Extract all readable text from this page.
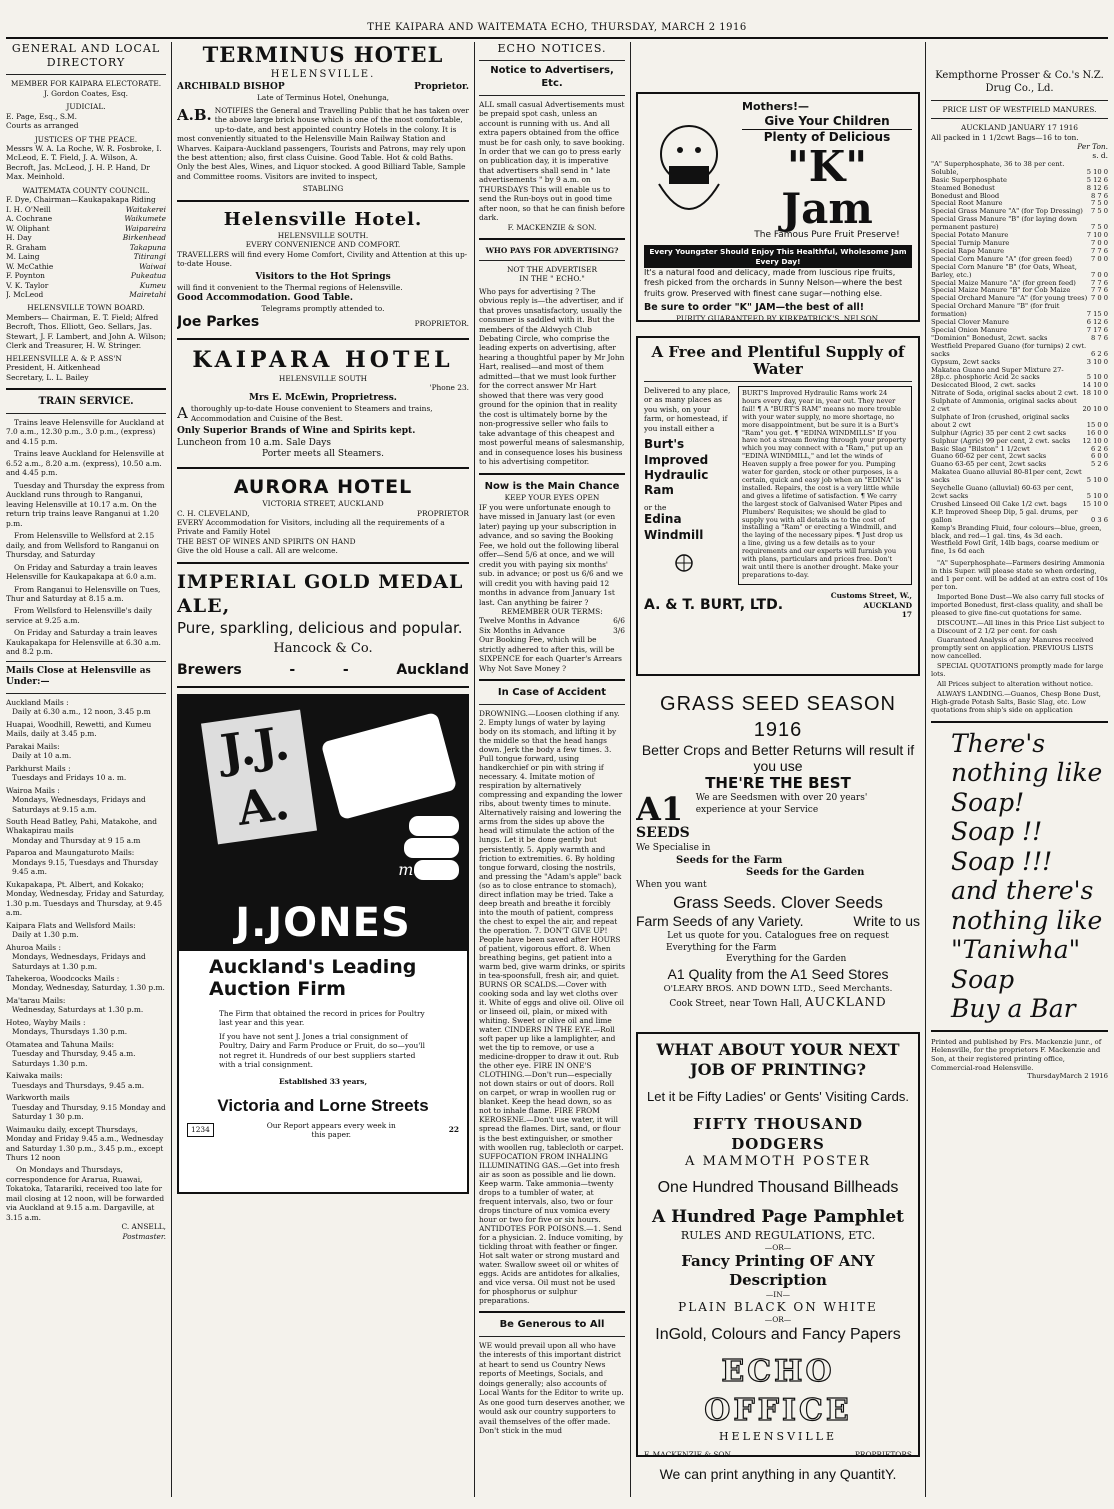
THE KAIPARA AND WAITEMATA ECHO, THURSDAY, MARCH 2 1916
GENERAL AND LOCAL DIRECTORY
MEMBER FOR KAIPARA ELECTORATE.
J. Gordon Coates, Esq.
JUDICIAL.
E. Page, Esq., S.M.
Courts as arranged
JUSTICES OF THE PEACE.
Messrs W. A. La Roche, W. R. Fosbroke, I. McLeod, E. T. Field, J. A. Wilson, A. Becroft, Jas. McLeod, J. H. P. Hand, Dr Max. Meinhold.
WAITEMATA COUNTY COUNCIL.
F. Dye, Chairman—Kaukapakapa Riding
I. H. O'Neill	Waitakerei
A. Cochrane	Waikumete
W. Oliphant	Waipareira
H. Day	Birkenhead
R. Graham	Takapuna
M. Laing	Titirangi
W. McCathie	Waiwai
F. Poynton	Pukeatua
V. K. Taylor	Kumeu
J. McLeod	Mairetahi
HELENSVILLE TOWN BOARD.
Members— Chairman, E. T. Field; Alfred Becroft, Thos. Elliott, Geo. Sellars, Jas. Stewart, J. F. Lambert, and John A. Wilson; Clerk and Treasurer, H. W. Stringer.
HELEENSVILLE A. & P. ASS'N
President, H. Aitkenhead
Secretary, L. L. Bailey
TRAIN SERVICE.

Trains leave Helensville for Auckland at 7.0 a.m., 12.30 p.m., 3.0 p.m., (express) and 4.15 p.m.

Trains leave Auckland for Helensville at 6.52 a.m., 8.20 a.m. (express), 10.50 a.m. and 4.45 p.m.

Tuesday and Thursday the express from Auckland runs through to Ranganui, leaving Helensville at 10.17 a.m. On the return trip trains leave Ranganui at 1.20 p.m.

From Helensville to Wellsford at 2.15 daily, and from Wellsford to Ranganui on Thursday, and Saturday

On Friday and Saturday a train leaves Helensville for Kaukapakapa at 6.0 a.m.

From Ranganui to Helensville on Tues, Thur and Saturday at 8.15 a.m.

From Wellsford to Helensville's daily service at 9.25 a.m.

On Friday and Saturday a train leaves Kaukapakapa for Helensville at 6.30 a.m. and 8.2 p.m.

Mails Close at Helensville as Under:—
Auckland Mails :
Daily at 6.30 a.m., 12 noon, 3.45 p.m
Huapai, Woodhill, Rewetti, and Kumeu Mails, daily at 3.45 p.m.
Parakai Mails:
Daily at 10 a.m.
Parkhurst Mails :
Tuesdays and Fridays 10 a. m.
Wairoa Mails :
Mondays, Wednesdays, Fridays and Saturdays at 9.15 a.m.
South Head Batley, Pahi, Matakohe, and Whakapirau mails
Monday and Thursday at 9 15 a.m
Paparoa and Maungaturoto Mails:
Mondays 9.15, Tuesdays and Thursday 9.45 a.m.
Kukapakapa, Pt. Albert, and Kokako; Monday, Wednesday, Friday and Saturday, 1.30 p.m. Tuesdays and Thursday, at 9.45 a.m.
Kaipara Flats and Wellsford Mails:
Daily at 1.30 p.m.
Ahuroa Mails :
Mondays, Wednesdays, Fridays and Saturdays at 1.30 p.m.
Tahekeroa, Woodcocks Mails :
Monday, Wednesday, Saturday, 1.30 p.m.
Ma'tarau Mails:
Wednesday, Saturdays at 1.30 p.m.
Hoteo, Wayby Mails :
Mondays, Thursdays 1.30 p.m.
Otamatea and Tahuna Mails:
Tuesday and Thursday, 9.45 a.m. Saturdays 1.30 p.m.
Kaiwaka mails:
Tuesdays and Thursdays, 9.45 a.m.
Warkworth mails
Tuesday and Thursday, 9.15 Monday and Saturday 1 30 p.m.
Waimauku daily, except Thursdays, Monday and Friday 9.45 a.m., Wednesday and Saturday 1.30 p.m., 3.45 p.m., except Thurs 12 noon
On Mondays and Thursdays, correspondence for Ararua, Ruawai, Tokatoka, Tatarariki, received too late for mail closing at 12 noon, will be forwarded via Auckland at 9.15 a.m. Dargaville, at 3.15 a.m.
C. ANSELL,
Postmaster.
TERMINUS HOTEL
HELENSVILLE.
ARCHIBALD BISHOP	Proprietor.
Late of Terminus Hotel, Onehunga,
A.B. NOTIFIES the General and Travelling Public that he has taken over the above large brick house which is one of the most comfortable, up-to-date, and best appointed country Hotels in the colony. It is most conveniently situated to the Helensville Main Railway Station and Wharves. Kaipara-Auckland passengers, Tourists and Patrons, may rely upon the best attention; also, first class Cuisine. Good Table. Hot & cold Baths. Only the best Ales, Wines, and Liquor stocked. A good Billiard Table, Sample and Committee rooms. Visitors are invited to inspect,
STABLING
Helensville Hotel.
HELENSVILLE SOUTH.
EVERY CONVENIENCE AND COMFORT.
TRAVELLERS will find every Home Comfort, Civility and Attention at this up-to-date House.
Visitors to the Hot Springs
will find it convenient to the Thermal regions of Helensville.
Good Accommodation. Good Table.
Telegrams promptly attended to.
Joe Parkes	PROPRIETOR.
KAIPARA HOTEL
HELENSVILLE SOUTH
'Phone 23.
Mrs E. McEwin, Proprietress.
Athoroughly up-to-date House convenient to Steamers and trains, Accommodation and Cuisine of the Best.
Only Superior Brands of Wine and Spirits kept.
Luncheon from 10 a.m. Sale Days
Porter meets all Steamers.
AURORA HOTEL
VICTORIA STREET, AUCKLAND
C. H. CLEVELAND,	PROPRIETOR
EVERY Accommodation for Visitors, including all the requirements of a Private and Family Hotel
THE BEST OF WINES AND SPIRITS ON HAND
Give the old House a call. All are welcome.
IMPERIAL GOLD MEDAL ALE,
Pure, sparkling, delicious and popular.
Hancock & Co.
Brewers	-	-	Auckland
J.J.
A.
means
J.JONES
Auckland's Leading Auction Firm
The Firm that obtained the record in prices for Poultry last year and this year.
If you have not sent J. Jones a trial consignment of Poultry, Dairy and Farm Produce or Fruit, do so—you'll not regret it. Hundreds of our best suppliers started with a trial consignment.
Established 33 years,
Victoria and Lorne Streets
1234
Our Report appears every week in this paper.
22
ECHO NOTICES.
Notice to Advertisers, Etc.
ALL small casual Advertisements must be prepaid spot cash, unless an account is running with us. And all extra papers obtained from the office must be for cash only, to save booking.
In order that we can go to press early on publication day, it is imperative that advertisers shall send in " late advertisements " by 9 a.m. on THURSDAYS This will enable us to send the Run-boys out in good time after noon, so that he can finish before dark.
F. MACKENZIE & SON.
WHO PAYS FOR ADVERTISING?
NOT THE ADVERTISER
IN THE " ECHO."
Who pays for advertising ? The obvious reply is—the advertiser, and if that proves unsatisfactory, usually the consumer is saddled with it. But the members of the Aldwych Club Debating Circle, who comprise the leading experts on advertising, after hearing a thoughtful paper by Mr John Hart, realised—and most of them admitted—that we must look further for the correct answer Mr Hart showed that there was very good ground for the opinion that in reality the cost is ultimately borne by the non-progressive seller who fails to take advantage of this cheapest and most powerful means of salesmanship, and in consequence loses his business to his advertising competitor.
Now is the Main Chance
KEEP YOUR EYES OPEN
IF you were unfortunate enough to have missed in January last (or even later) paying up your subscription in advance, and so saving the Booking Fee, we hold out the following liberal offer—Send 5/6 at once, and we will credit you with paying six months' sub. in advance; or post us 6/6 and we will credit you with having paid 12 months in advance from January 1st last. Can anything be fairer ?
REMEMBER OUR TERMS:
Twelve Months in Advance	6/6
Six Months in Advance	3/6
Our Booking Fee, which will be strictly adhered to after this, will be SIXPENCE for each Quarter's Arrears Why Not Save Money ?
In Case of Accident
DROWNING.—Loosen clothing if any. 2. Empty lungs of water by laying body on its stomach, and lifting it by the middle so that the head hangs down. Jerk the body a few times. 3. Pull tongue forward, using handkerchief or pin with string if necessary. 4. Imitate motion of respiration by alternatively compressing and expanding the lower ribs, about twenty times to minute. Alternatively raising and lowering the arms from the sides up above the head will stimulate the action of the lungs. Let it be done gently but persistently. 5. Apply warmth and friction to extremities. 6. By holding tongue forward, closing the nostrils, and pressing the "Adam's apple" back (so as to close entrance to stomach), direct inflation may be tried. Take a deep breath and breathe it forcibly into the mouth of patient, compress the chest to expel the air, and repeat the operation. 7. DON'T GIVE UP! People have been saved after HOURS of patient, vigorous effort. 8. When breathing begins, get patient into a warm bed, give warm drinks, or spirits in tea-spoonsfull, fresh air, and quiet. BURNS OR SCALDS.—Cover with cooking soda and lay wet cloths over it. White of eggs and olive oil. Olive oil or linseed oil, plain, or mixed with whiting. Sweet or olive oil and lime water. CINDERS IN THE EYE.—Roll soft paper up like a lamplighter, and wet the tip to remove, or use a medicine-dropper to draw it out. Rub the other eye. FIRE IN ONE'S CLOTHING.—Don't run—especially not down stairs or out of doors. Roll on carpet, or wrap in woollen rug or blanket. Keep the head down, so as not to inhale flame. FIRE FROM KEROSENE.—Don't use water, it will spread the flames. Dirt, sand, or flour is the best extinguisher, or smother with woollen rug, tablecloth or carpet. SUFFOCATION FROM INHALING ILLUMINATING GAS.—Get into fresh air as soon as possible and lie down. Keep warm. Take ammonia—twenty drops to a tumbler of water, at frequent intervals, also, two or four drops tincture of nux vomica every hour or two for five or six hours. ANTIDOTES FOR POISONS.—1. Send for a physician. 2. Induce vomiting, by tickling throat with feather or finger. Hot salt water or strong mustard and water. Swallow sweet oil or whites of eggs. Acids are antidotes for alkalies, and vice versa. Oil must not be used for phosphorus or sulphur preparations.
Be Generous to All
WE would prevail upon all who have the interests of this important district at heart to send us Country News reports of Meetings, Socials, and doings generally; also accounts of Local Wants for the Editor to write up. As one good turn deserves another, we would ask our country supporters to avail themselves of the offer made. Don't stick in the mud
Mothers!—
Give Your Children
Plenty of Delicious
"K" Jam
The Famous Pure Fruit Preserve!
Every Youngster Should Enjoy This Healthful, Wholesome Jam Every Day!
It's a natural food and delicacy, made from luscious ripe fruits, fresh picked from the orchards in Sunny Nelson—where the best fruits grow. Preserved with finest cane sugar—nothing else.
Be sure to order "K" JAM—the best of all!
PURITY GUARANTEED BY KIRKPATRICK'S, NELSON.
A Free and Plentiful Supply of Water
Delivered to any place, or as many places as you wish, on your farm, or homestead, if you install either a
Burt's Improved Hydraulic Ram
or the
Edina Windmill
BURT'S Improved Hydraulic Rams work 24 hours every day, year in, year out. They never fail! ¶ A "BURT'S RAM" means no more trouble with your water supply, no more shortage, no more disappointment, but be sure it is a Burt's "Ram" you get. ¶ "EDINA WINDMILLS" If you have not a stream flowing through your property which you may connect with a "Ram," put up an "EDINA WINDMILL," and let the winds of Heaven supply a free power for you. Pumping water for garden, stock or other purposes, is a certain, quick and easy job when an "EDINA" is installed. Repairs, the cost is a very little while and gives a lifetime of satisfaction. ¶ We carry the largest stock of Galvanised Water Pipes and Plumbers' Requisites; we should be glad to supply you with all details as to the cost of installing a "Ram" or erecting a Windmill, and the laying of the necessary pipes. ¶ Just drop us a line, giving us a few details as to your requirements and our experts will furnish you with plans, particulars and prices free. Don't wait until there is another drought. Make your preparations to-day.
A. & T. BURT, LTD.
Customs Street, W.,
AUCKLAND
17
GRASS SEED SEASON 1916
Better Crops and Better Returns will result if you use
THE'RE THE BEST
A1
SEEDS
We are Seedsmen with over 20 years' experience at your Service
We Specialise in
Seeds for the Farm
Seeds for the Garden
When you want
Grass Seeds. Clover Seeds
Farm Seeds of any Variety.	Write to us
Let us quote for you. Catalogues free on request
Everything for the Farm
Everything for the Garden
A1 Quality from the A1 Seed Stores
O'LEARY BROS. AND DOWN LTD., Seed Merchants.
Cook Street, near Town Hall, AUCKLAND
WHAT ABOUT YOUR NEXT JOB OF PRINTING?
Let it be Fifty Ladies' or Gents' Visiting Cards.
FIFTY THOUSAND DODGERS
A MAMMOTH POSTER
One Hundred Thousand Billheads
A Hundred Page Pamphlet
RULES AND REGULATIONS, ETC.
—OR—
Fancy Printing OF ANY Description
—IN—
PLAIN BLACK ON WHITE
—OR—
InGold, Colours and Fancy Papers
ECHO OFFICE
HELENSVILLE
F. MACKENZIE & SON	PROPRIETORS
We can print anything in any QuantitY.
Kempthorne Prosser & Co.'s N.Z. Drug Co., Ld.
PRICE LIST OF WESTFIELD MANURES.
AUCKLAND JANUARY 17 1916
All packed in 1 1/2cwt Bags—16 to ton.
Per Ton.
s. d.
"A" Superphosphate, 36 to 38 per cent. Soluble,	5 10 0
Basic Superphosphate	5 12 6
Steamed Bonedust	8 12 6
Bonedust and Blood	8 7 6
Special Root Manure	7 5 0
Special Grass Manure "A" (for Top Dressing)	7 5 0
Special Grass Manure "B" (for laying down permanent pasture)	7 5 0
Special Potato Manure	7 10 0
Special Turnip Manure	7 0 0
Special Rape Manure	7 7 6
Special Corn Manure "A" (for green feed)	7 0 0
Special Corn Manure "B" (for Oats, Wheat, Barley, etc.)	7 0 0
Special Maize Manure "A" (for green feed)	7 7 6
Special Maize Manure "B" for Cob Maize	7 7 6
Special Orchard Manure "A" (for young trees) 7 0 0
Special Orchard Manure "B" (for fruit formation)	7 15 0
Special Clover Manure	6 12 6
Special Onion Manure	7 17 6
"Dominion" Bonedust, 2cwt. sacks	8 7 6
Westfield Prepared Guano (for turnips) 2 cwt. sacks	6 2 6
Gypsum, 2cwt sacks	3 10 0
Makatea Guano and Super Mixture 27-28p.c. phosphoric Acid 2c sacks	5 10 0
Desiccated Blood, 2 cwt. sacks	14 10 0
Nitrate of Soda, original sacks about 2 cwt. 18 10 0
Sulphate of Ammonia, original sacks about 2 cwt	20 10 0
Sulphate of Iron (crushed, original sacks about 2 cwt	15 0 0
Sulphur (Agric) 35 per cent 2 cwt sacks	16 0 0
Sulphur (Agric) 99 per cent, 2 cwt. sacks	12 10 0
Basic Slag "Bilston" 1 1/2cwt	6 2 6
Guano 60-62 per cent, 2cwt sacks	6 0 0
Guano 63-65 per cent, 2cwt sacks	5 2 6
Makatea Guano alluvial 80-81per cent, 2cwt sacks	5 10 0
Seychelle Guano (alluvial) 60-63 per cent, 2cwt sacks	5 10 0
Crushed Linseed Oil Cake 1/2 cwt. bags	15 10 0
K.P. Improved Sheep Dip, 5 gal. drums, per gallon	0 3 6
Kemp's Branding Fluid, four colours—blue, green, black, and red—1 gal. tins, 4s 3d each.
Westfield Fowl Grit, 14lb bags, coarse medium or fine, 1s 6d each

"A" Superphosphate—Farmers desiring Ammonia in this Super. will please state so when ordering, and 1 per cent. will be added at an extra cost of 10s per ton.

Imported Bone Dust—We also carry full stocks of imported Bonedust, first-class quality, and shall be pleased to give fine-cut quotations for same.

DISCOUNT.—All lines in this Price List subject to a Discount of 2 1/2 per cent. for cash

Guaranteed Analysis of any Manures received promptly sent on application. PREVIOUS LISTS now cancelled.

SPECIAL QUOTATIONS promptly made for large lots.

All Prices subject to alteration without notice.

ALWAYS LANDING.—Guanos, Chesp Bone Dust, High-grade Potash Salts, Basic Slag, etc. Low quotations from ship's side on application

There's
nothing like
Soap!
Soap !!
Soap !!!
and there's
nothing like
"Taniwha"
Soap
Buy a Bar
Printed and published by Frs. Mackenzie junr., of Helensville, for the proprietors F. Mackenzie and Son, at their registered printing office, Commercial-road Helensville.
ThursdayMarch 2 1916
